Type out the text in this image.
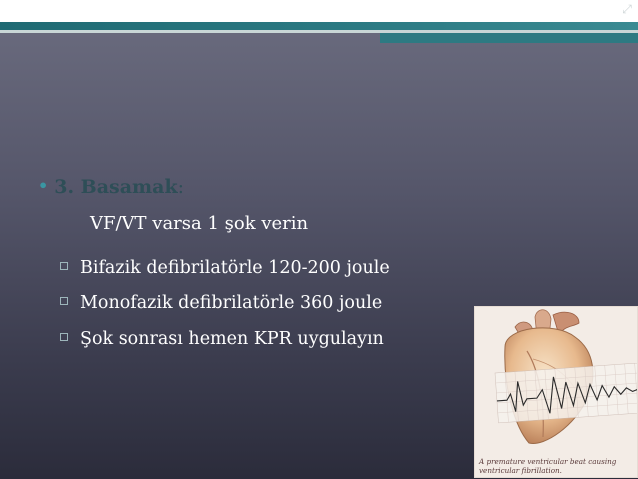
⤢
• 3. Basamak:
VF/VT varsa 1 şok verin
Bifazik defibrilatörle 120-200 joule
Monofazik defibrilatörle 360 joule
Şok sonrası hemen KPR uygulayın
A premature ventricular beat causing ventricular fibrillation.
